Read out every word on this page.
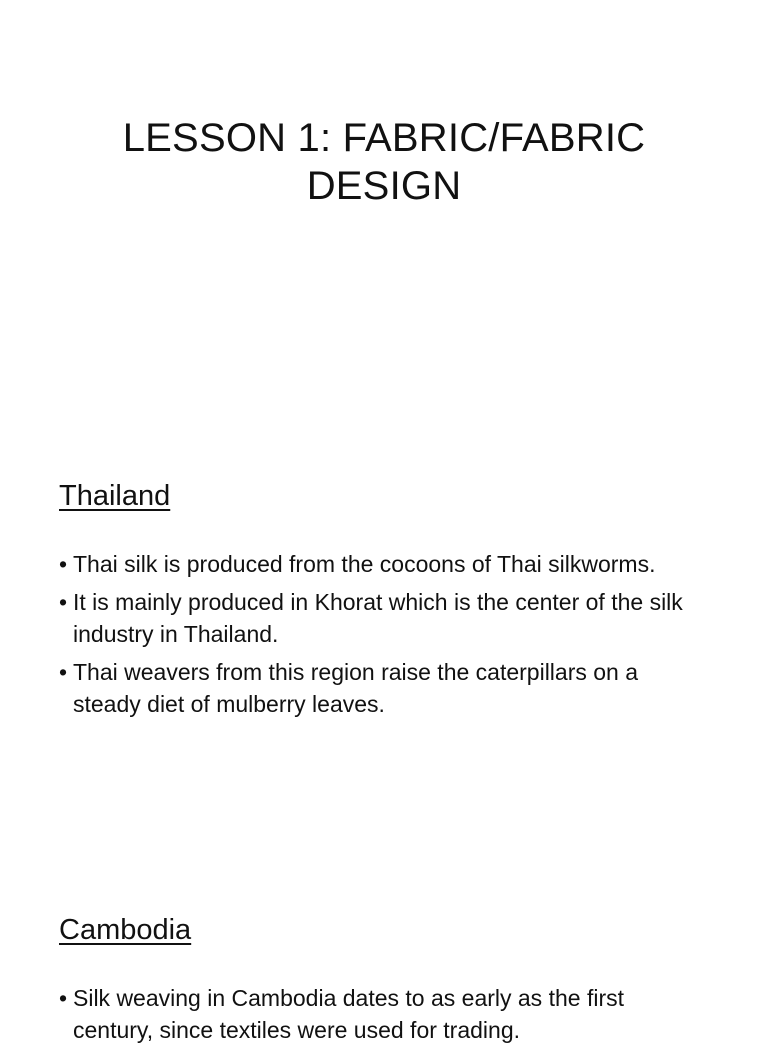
LESSON 1: FABRIC/FABRIC
DESIGN
Thailand
• Thai silk is produced from the cocoons of Thai silkworms.
• It is mainly produced in Khorat which is the center of the silk industry in Thailand.
• Thai weavers from this region raise the caterpillars on a steady diet of mulberry leaves.
Cambodia
• Silk weaving in Cambodia dates to as early as the first century, since textiles were used for trading.
